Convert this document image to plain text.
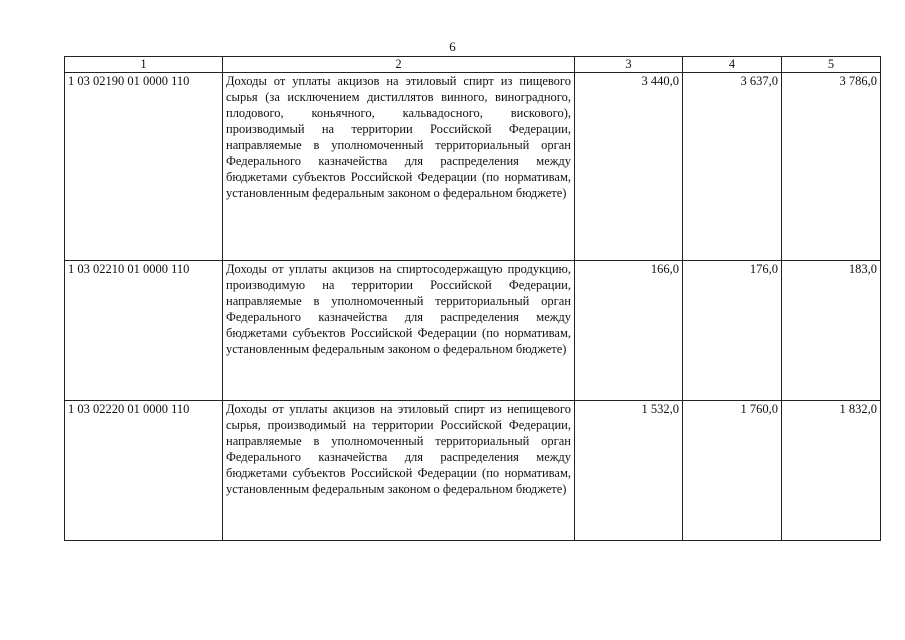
6
1	2	3	4	5
1 03 02190 01 0000 110	Доходы от уплаты акцизов на этиловый спирт из пищевого сырья (за исключением дистиллятов винного, виноградного, плодового, коньячного, кальвадосного, вискового), производимый на территории Российской Федерации, направляемые в уполномоченный территориальный орган Федерального казначейства для распределения между бюджетами субъектов Российской Федерации (по нормативам, установленным федеральным законом о федеральном бюджете)	3 440,0	3 637,0	3 786,0
1 03 02210 01 0000 110	Доходы от уплаты акцизов на спиртосодержащую продукцию, производимую на территории Российской Федерации, направляемые в уполномоченный территориальный орган Федерального казначейства для распределения между бюджетами субъектов Российской Федерации (по нормативам, установленным федеральным законом о федеральном бюджете)	166,0	176,0	183,0
1 03 02220 01 0000 110	Доходы от уплаты акцизов на этиловый спирт из непищевого сырья, производимый на территории Российской Федерации, направляемые в уполномоченный территориальный орган Федерального казначейства для распределения между бюджетами субъектов Российской Федерации (по нормативам, установленным федеральным законом о федеральном бюджете)	1 532,0	1 760,0	1 832,0
